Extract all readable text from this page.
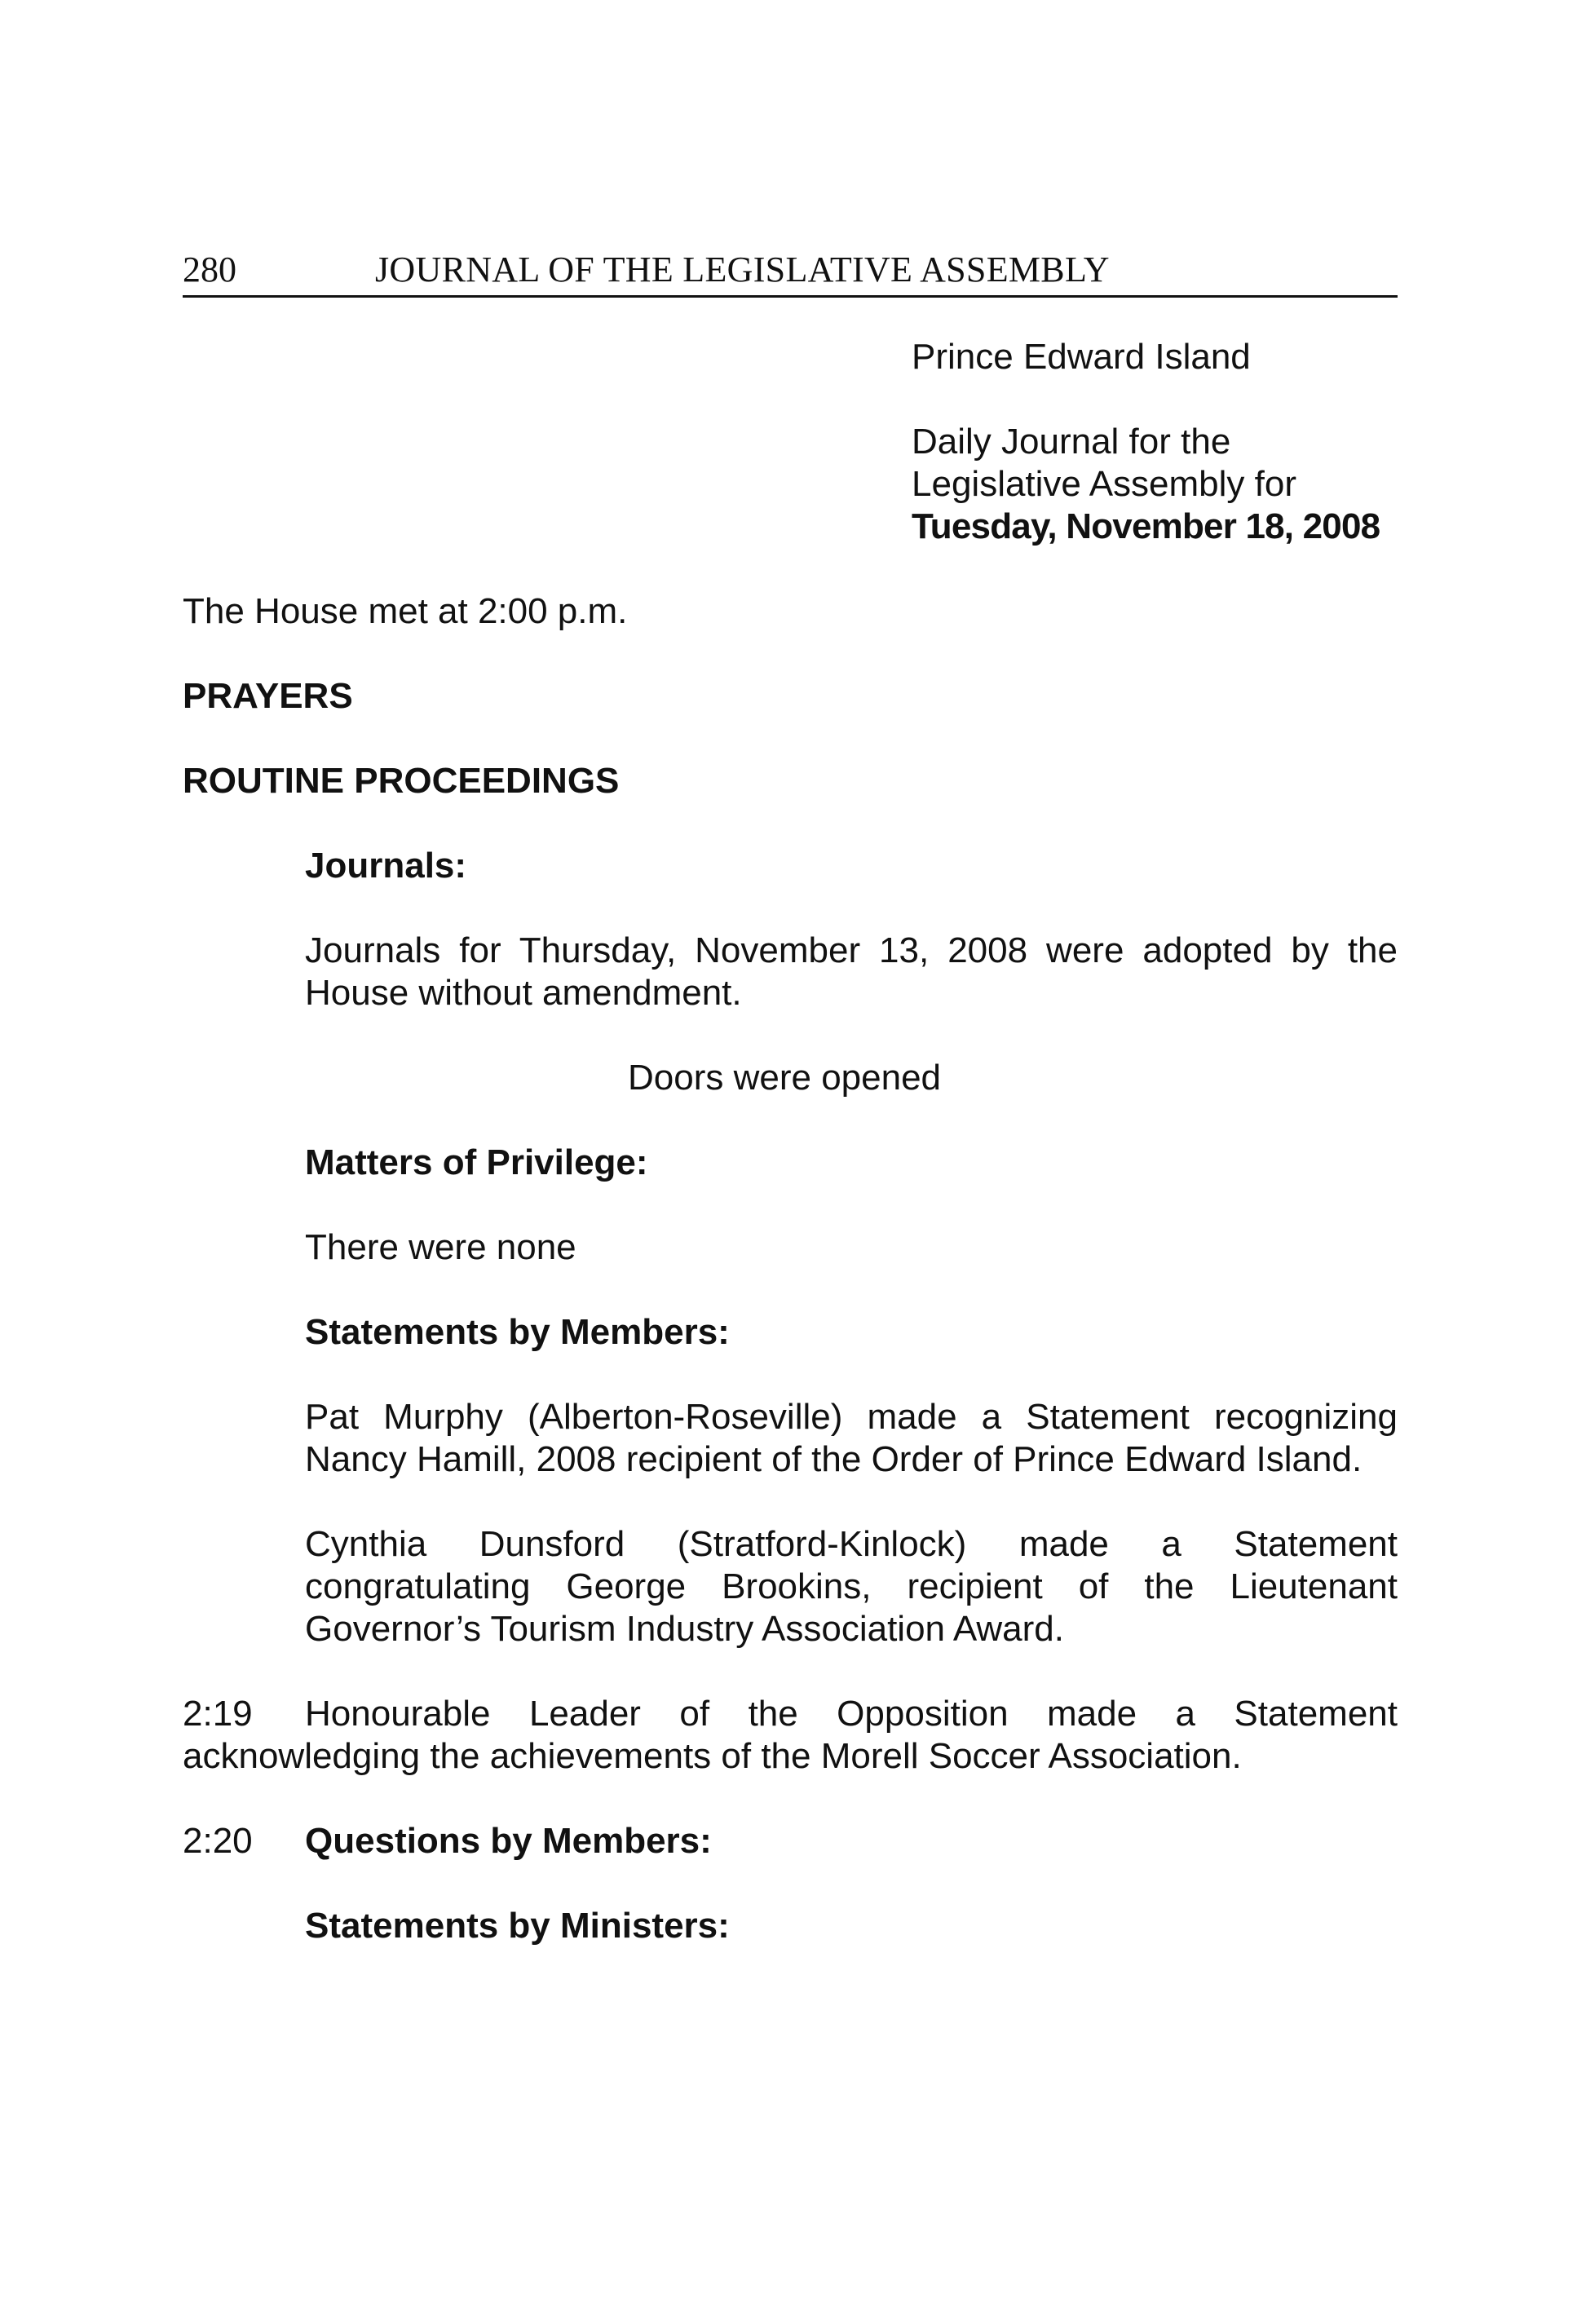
280	JOURNAL OF THE LEGISLATIVE ASSEMBLY
Prince Edward Island
Daily Journal for the
Legislative Assembly for
Tuesday, November 18, 2008
The House met at 2:00 p.m.
PRAYERS
ROUTINE PROCEEDINGS
Journals:
Journals for Thursday, November 13, 2008 were adopted by the House without amendment.
Doors were opened
Matters of Privilege:
There were none
Statements by Members:
Pat Murphy (Alberton-Roseville) made a Statement recognizing Nancy Hamill, 2008 recipient of the Order of Prince Edward Island.
Cynthia Dunsford (Stratford-Kinlock) made a Statement congratulating George Brookins, recipient of the Lieutenant Governor’s Tourism Industry Association Award.
2:19	Honourable Leader of the Opposition made a Statement acknowledging the achievements of the Morell Soccer Association.
2:20 Questions by Members:
Statements by Ministers:
